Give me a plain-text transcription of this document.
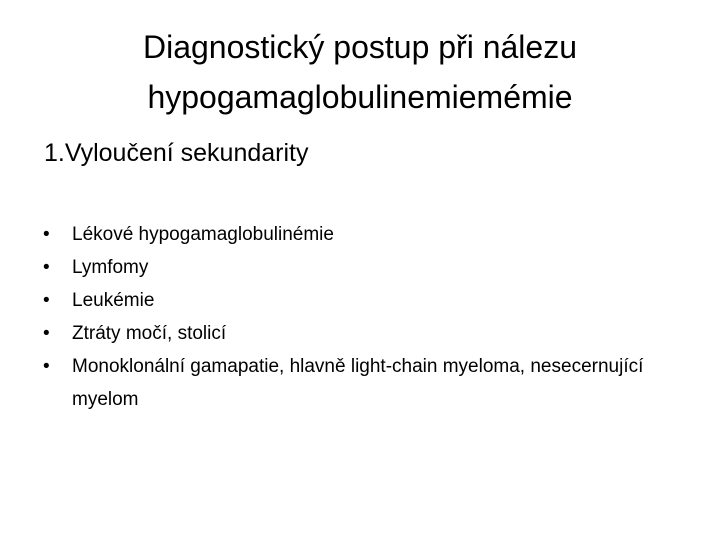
Diagnostický postup při nálezu
hypogamaglobulinemiemémie
1.Vyloučení sekundarity
• Lékové hypogamaglobulinémie
• Lymfomy
• Leukémie
• Ztráty močí, stolicí
• Monoklonální gamapatie, hlavně light-chain myeloma, nesecernující myelom
